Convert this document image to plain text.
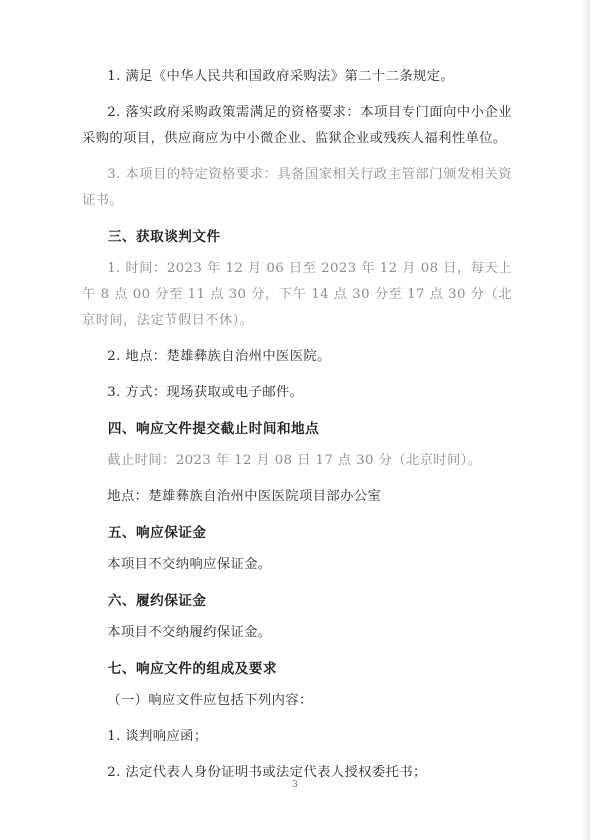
1. 满足《中华人民共和国政府采购法》第二十二条规定。

2. 落实政府采购政策需满足的资格要求：本项目专门面向中小企业采购的项目，供应商应为中小微企业、监狱企业或残疾人福利性单位。

3. 本项目的特定资格要求：具备国家相关行政主管部门颁发相关资证书。

三、获取谈判文件

1. 时间：2023 年 12 月 06 日至 2023 年 12 月 08 日，每天上午 8 点 00 分至 11 点 30 分，下午 14 点 30 分至 17 点 30 分（北京时间，法定节假日不休）。

2. 地点：楚雄彝族自治州中医医院。

3. 方式：现场获取或电子邮件。

四、响应文件提交截止时间和地点

截止时间：2023 年 12 月 08 日 17 点 30 分（北京时间）。

地点：楚雄彝族自治州中医医院项目部办公室

五、响应保证金

本项目不交纳响应保证金。

六、履约保证金

本项目不交纳履约保证金。

七、响应文件的组成及要求

（一）响应文件应包括下列内容：

1. 谈判响应函；

2. 法定代表人身份证明书或法定代表人授权委托书；

3
